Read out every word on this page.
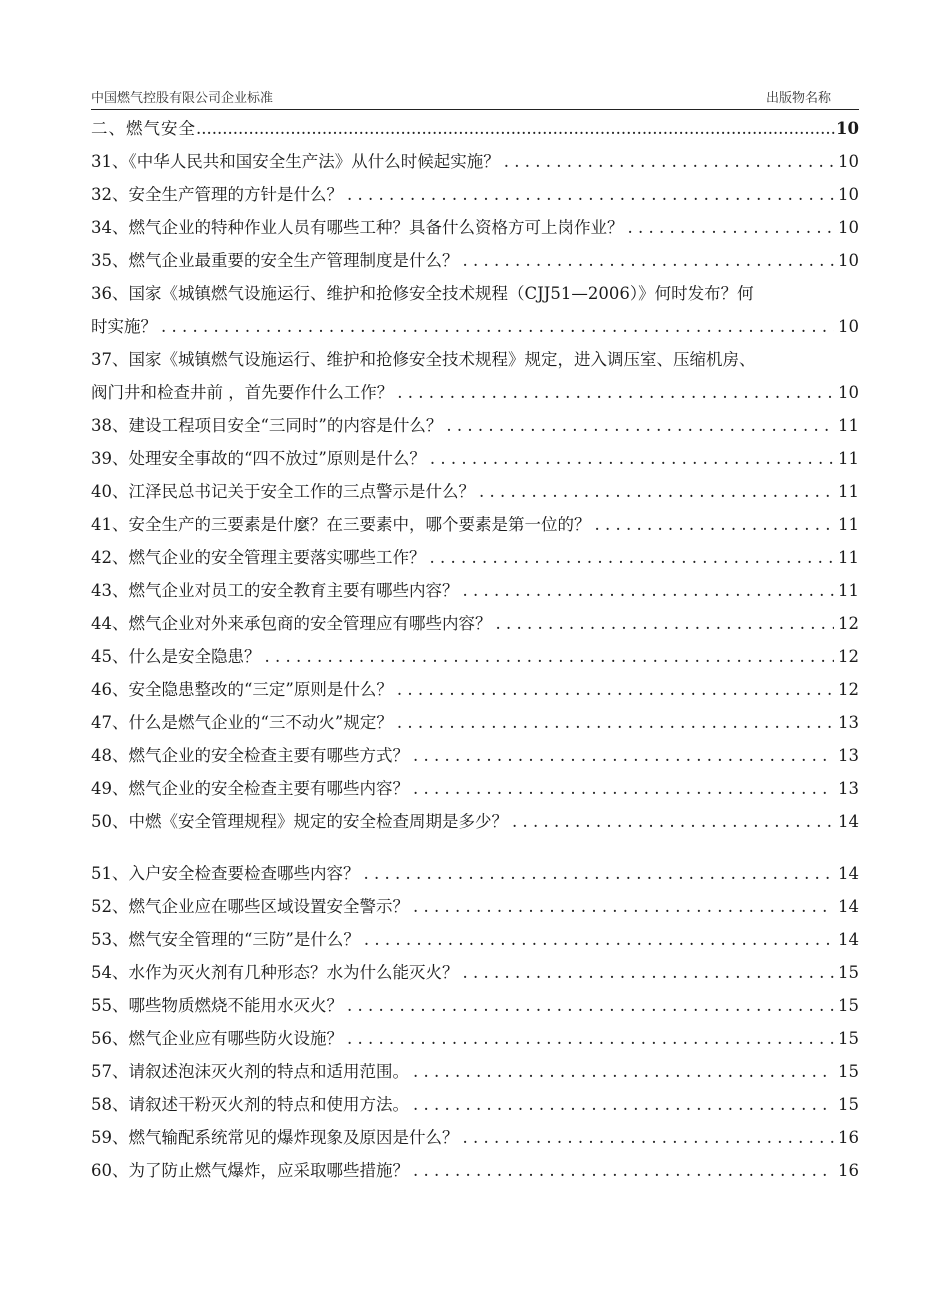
中国燃气控股有限公司企业标准	出版物名称
二、燃气安全 .....	10
31、《中华人民共和国安全生产法》从什么时候起实施？ . . .	10
32、安全生产管理的方针是什么？ . . .	10
34、燃气企业的特种作业人员有哪些工种？具备什么资格方可上岗作业？ . . .	10
35、燃气企业最重要的安全生产管理制度是什么？ . . .	10
36、国家《城镇燃气设施运行、维护和抢修安全技术规程（CJJ51—2006）》何时发布？何
时实施？ . . .	10
37、国家《城镇燃气设施运行、维护和抢修安全技术规程》规定，进入调压室、压缩机房、
阀门井和检查井前 ，首先要作什么工作？ . . .	10
38、建设工程项目安全“三同时”的内容是什么？ . . .	11
39、处理安全事故的“四不放过”原则是什么？ . . .	11
40、江泽民总书记关于安全工作的三点警示是什么？ . . .	11
41、安全生产的三要素是什麼？在三要素中，哪个要素是第一位的？ . . .	11
42、燃气企业的安全管理主要落实哪些工作？ . . .	11
43、燃气企业对员工的安全教育主要有哪些内容？ . . .	11
44、燃气企业对外来承包商的安全管理应有哪些内容？ . . .	12
45、什么是安全隐患？ . . .	12
46、安全隐患整改的“三定”原则是什么？ . . .	12
47、什么是燃气企业的“三不动火”规定？ . . .	13
48、燃气企业的安全检查主要有哪些方式？ . . .	13
49、燃气企业的安全检查主要有哪些内容？ . . .	13
50、中燃《安全管理规程》规定的安全检查周期是多少？ . . .	14
51、入户安全检查要检查哪些内容？ . . .	14
52、燃气企业应在哪些区域设置安全警示？ . . .	14
53、燃气安全管理的“三防”是什么？ . . .	14
54、水作为灭火剂有几种形态？水为什么能灭火？ . . .	15
55、哪些物质燃烧不能用水灭火？ . . .	15
56、燃气企业应有哪些防火设施？ . . .	15
57、请叙述泡沫灭火剂的特点和适用范围。 . . .	15
58、请叙述干粉灭火剂的特点和使用方法。 . . .	15
59、燃气输配系统常见的爆炸现象及原因是什么？ . . .	16
60、为了防止燃气爆炸，应采取哪些措施？ . . .	16
